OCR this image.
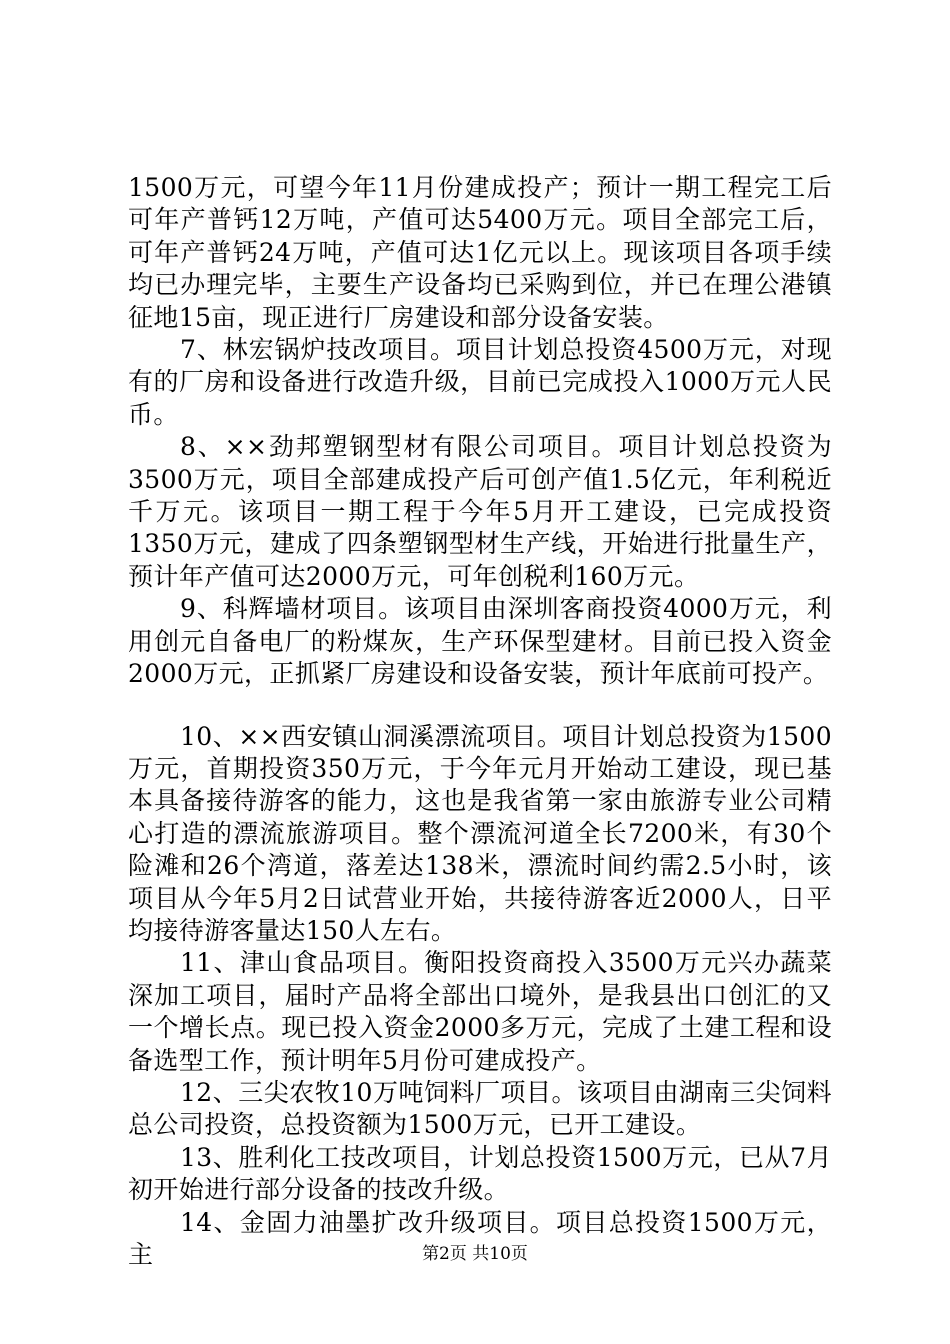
1500万元，可望今年11月份建成投产；预计一期工程完工后可年产普钙12万吨，产值可达5400万元。项目全部完工后，可年产普钙24万吨，产值可达1亿元以上。现该项目各项手续均已办理完毕，主要生产设备均已采购到位，并已在理公港镇征地15亩，现正进行厂房建设和部分设备安装。

7、林宏锅炉技改项目。项目计划总投资4500万元，对现有的厂房和设备进行改造升级，目前已完成投入1000万元人民币。

8、××劲邦塑钢型材有限公司项目。项目计划总投资为3500万元，项目全部建成投产后可创产值1.5亿元，年利税近千万元。该项目一期工程于今年5月开工建设，已完成投资1350万元，建成了四条塑钢型材生产线，开始进行批量生产，预计年产值可达2000万元，可年创税利160万元。

9、科辉墙材项目。该项目由深圳客商投资4000万元，利用创元自备电厂的粉煤灰，生产环保型建材。目前已投入资金2000万元，正抓紧厂房建设和设备安装，预计年底前可投产。

10、××西安镇山洞溪漂流项目。项目计划总投资为1500万元，首期投资350万元，于今年元月开始动工建设，现已基本具备接待游客的能力，这也是我省第一家由旅游专业公司精心打造的漂流旅游项目。整个漂流河道全长7200米，有30个险滩和26个湾道，落差达138米，漂流时间约需2.5小时，该项目从今年5月2日试营业开始，共接待游客近2000人，日平均接待游客量达150人左右。

11、津山食品项目。衡阳投资商投入3500万元兴办蔬菜深加工项目，届时产品将全部出口境外，是我县出口创汇的又一个增长点。现已投入资金2000多万元，完成了土建工程和设备选型工作，预计明年5月份可建成投产。

12、三尖农牧10万吨饲料厂项目。该项目由湖南三尖饲料总公司投资，总投资额为1500万元，已开工建设。

13、胜利化工技改项目，计划总投资1500万元，已从7月初开始进行部分设备的技改升级。

14、金固力油墨扩改升级项目。项目总投资1500万元，主	第2页 共10页
